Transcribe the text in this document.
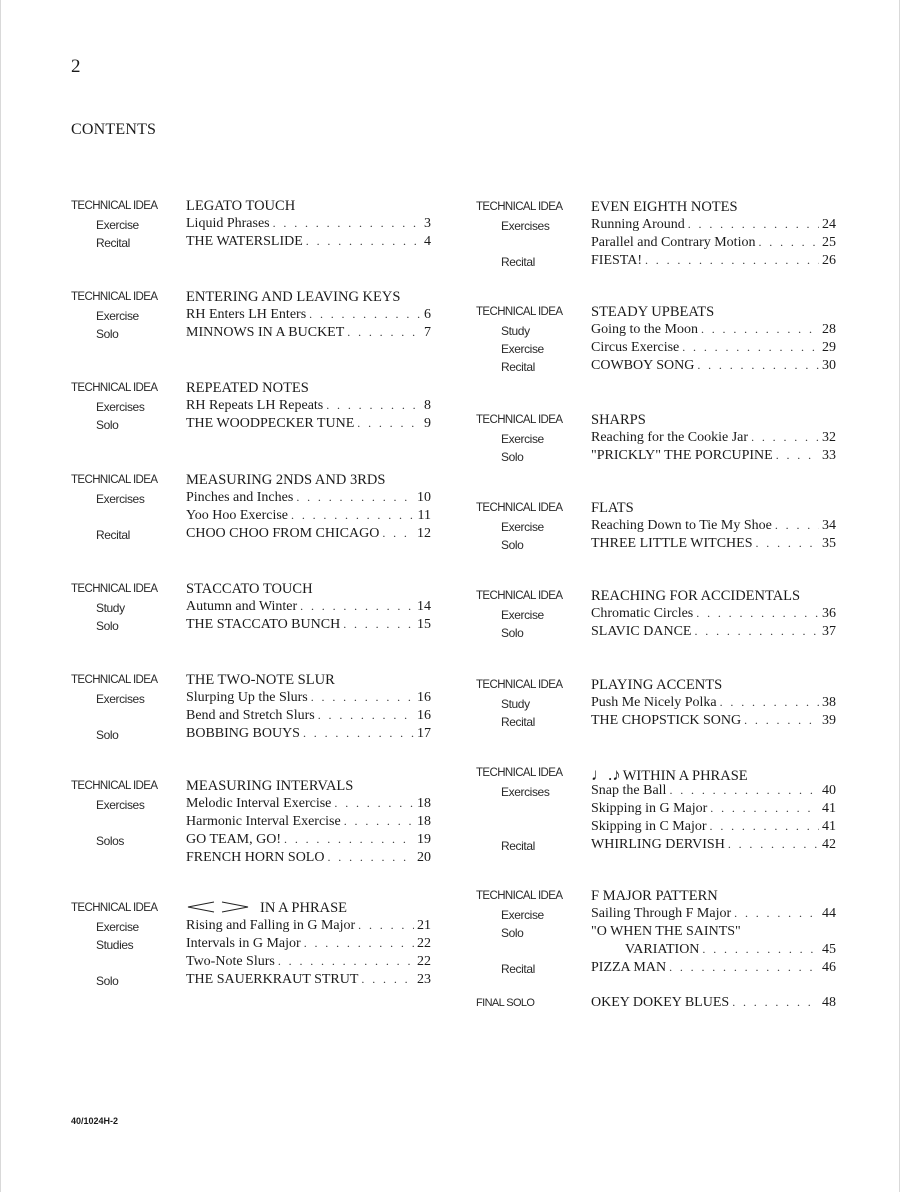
2
CONTENTS
TECHNICAL IDEA	LEGATO TOUCH
Exercise	Liquid Phrases . . .	3
Recital	THE WATERSLIDE . . .	4
TECHNICAL IDEA	ENTERING AND LEAVING KEYS
Exercise	RH Enters LH Enters . . .	6
Solo	MINNOWS IN A BUCKET . . .	7
TECHNICAL IDEA	REPEATED NOTES
Exercises	RH Repeats LH Repeats . . .	8
Solo	THE WOODPECKER TUNE . . .	9
TECHNICAL IDEA	MEASURING 2NDS AND 3RDS
Exercises	Pinches and Inches . . .	10
Yoo Hoo Exercise . . .	11
Recital	CHOO CHOO FROM CHICAGO . . .	12
TECHNICAL IDEA	STACCATO TOUCH
Study	Autumn and Winter . . .	14
Solo	THE STACCATO BUNCH . . .	15
TECHNICAL IDEA	THE TWO-NOTE SLUR
Exercises	Slurping Up the Slurs . . .	16
Bend and Stretch Slurs . . .	16
Solo	BOBBING BOUYS . . .	17
TECHNICAL IDEA	MEASURING INTERVALS
Exercises	Melodic Interval Exercise . . .	18
Harmonic Interval Exercise . . .	18
Solos	GO TEAM, GO! . . .	19
FRENCH HORN SOLO . . .	20
TECHNICAL IDEA	IN A PHRASE
Exercise	Rising and Falling in G Major . . .	21
Studies	Intervals in G Major . . .	22
Two-Note Slurs . . .	22
Solo	THE SAUERKRAUT STRUT . . .	23
TECHNICAL IDEA	EVEN EIGHTH NOTES
Exercises	Running Around . . .	24
Parallel and Contrary Motion . . .	25
Recital	FIESTA! . . .	26
TECHNICAL IDEA	STEADY UPBEATS
Study	Going to the Moon . . .	28
Exercise	Circus Exercise . . .	29
Recital	COWBOY SONG . . .	30
TECHNICAL IDEA	SHARPS
Exercise	Reaching for the Cookie Jar . . .	32
Solo	"PRICKLY" THE PORCUPINE . . .	33
TECHNICAL IDEA	FLATS
Exercise	Reaching Down to Tie My Shoe . . .	34
Solo	THREE LITTLE WITCHES . . .	35
TECHNICAL IDEA	REACHING FOR ACCIDENTALS
Exercise	Chromatic Circles . . .	36
Solo	SLAVIC DANCE . . .	37
TECHNICAL IDEA	PLAYING ACCENTS
Study	Push Me Nicely Polka . . .	38
Recital	THE CHOPSTICK SONG . . .	39
TECHNICAL IDEA	♩.♪ WITHIN A PHRASE
Exercises	Snap the Ball . . .	40
Skipping in G Major . . .	41
Skipping in C Major . . .	41
Recital	WHIRLING DERVISH . . .	42
TECHNICAL IDEA	F MAJOR PATTERN
Exercise	Sailing Through F Major . . .	44
Solo	"O WHEN THE SAINTS"
VARIATION . . .	45
Recital	PIZZA MAN . . .	46
FINAL SOLO	OKEY DOKEY BLUES . . .	48
40/1024H-2
